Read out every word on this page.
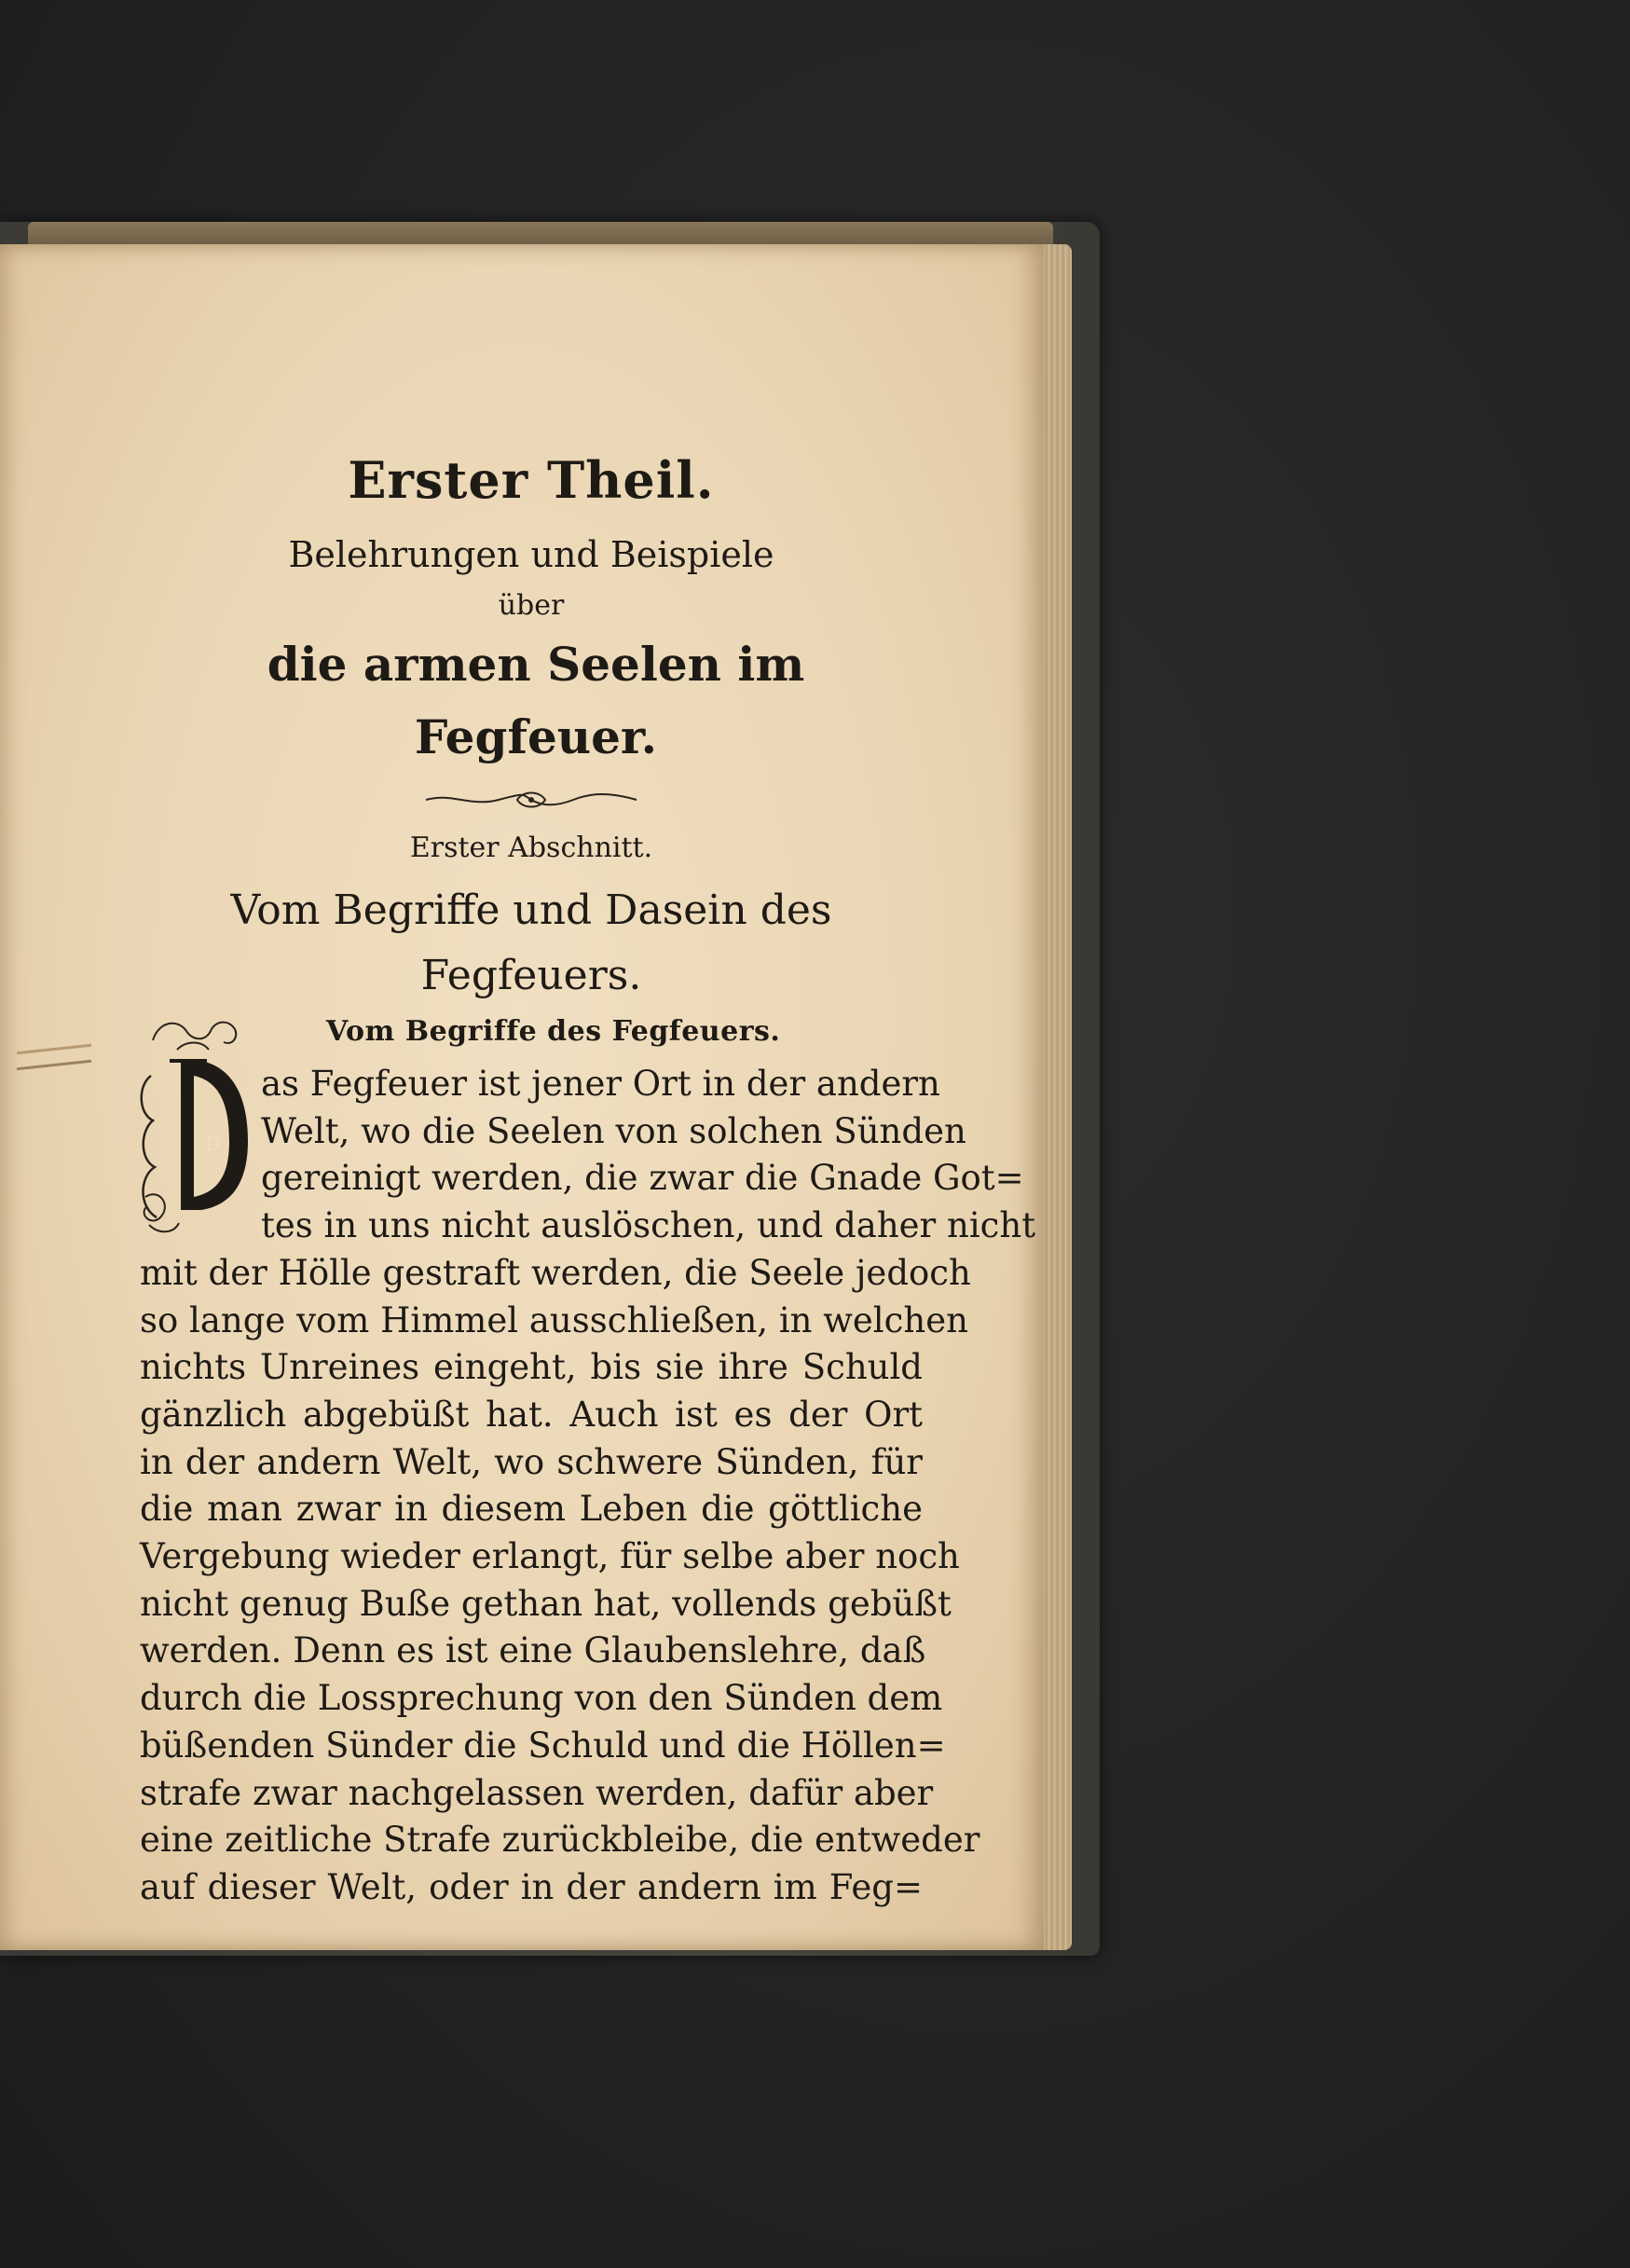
Erster Theil.
Belehrungen und Beispiele
über
die armen Seelen im Fegfeuer.
Erster Abschnitt.
Vom Begriffe und Dasein des Fegfeuers.
Vom Begriffe des Fegfeuers.
D
as Fegfeuer ist jener Ort in der andern
Welt, wo die Seelen von solchen Sünden
gereinigt werden, die zwar die Gnade Got=
tes in uns nicht auslöschen, und daher nicht
mit der Hölle gestraft werden, die Seele jedoch
so lange vom Himmel ausschließen, in welchen
nichts Unreines eingeht, bis sie ihre Schuld
gänzlich abgebüßt hat. Auch ist es der Ort
in der andern Welt, wo schwere Sünden, für
die man zwar in diesem Leben die göttliche
Vergebung wieder erlangt, für selbe aber noch
nicht genug Buße gethan hat, vollends gebüßt
werden. Denn es ist eine Glaubenslehre, daß
durch die Lossprechung von den Sünden dem
büßenden Sünder die Schuld und die Höllen=
strafe zwar nachgelassen werden, dafür aber
eine zeitliche Strafe zurückbleibe, die entweder
auf dieser Welt, oder in der andern im Feg=
